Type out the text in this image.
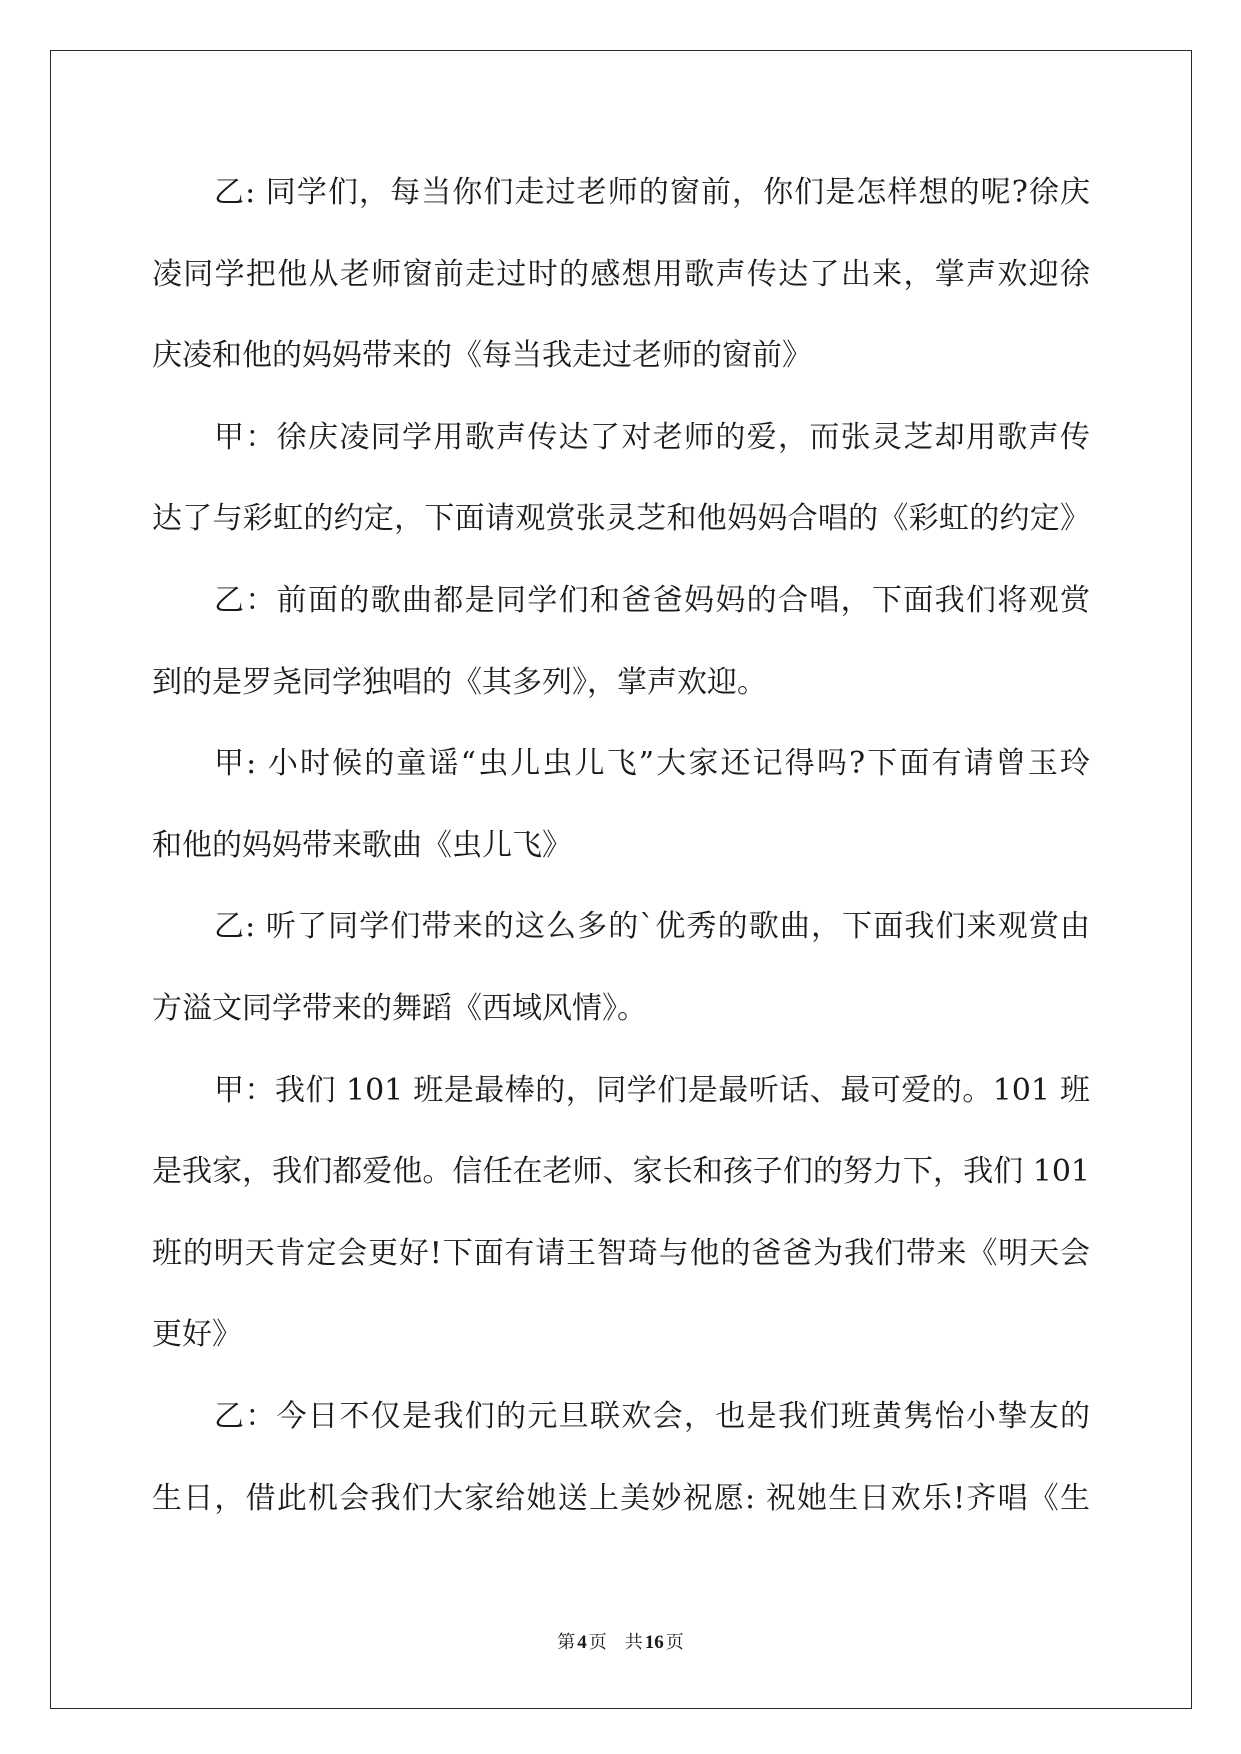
乙: 同学们，每当你们走过老师的窗前，你们是怎样想的呢?徐庆
凌同学把他从老师窗前走过时的感想用歌声传达了出来，掌声欢迎徐
庆凌和他的妈妈带来的《每当我走过老师的窗前》
甲：徐庆凌同学用歌声传达了对老师的爱，而张灵芝却用歌声传
达了与彩虹的约定，下面请观赏张灵芝和他妈妈合唱的《彩虹的约定》
乙：前面的歌曲都是同学们和爸爸妈妈的合唱，下面我们将观赏
到的是罗尧同学独唱的《其多列》，掌声欢迎。
甲: 小时候的童谣“虫儿虫儿飞”大家还记得吗?下面有请曾玉玲
和他的妈妈带来歌曲《虫儿飞》
乙: 听了同学们带来的这么多的`优秀的歌曲，下面我们来观赏由
方溢文同学带来的舞蹈《西域风情》。
甲：我们 101 班是最棒的，同学们是最听话、最可爱的。101 班
是我家，我们都爱他。信任在老师、家长和孩子们的努力下，我们 101
班的明天肯定会更好!下面有请王智琦与他的爸爸为我们带来《明天会
更好》
乙：今日不仅是我们的元旦联欢会，也是我们班黄隽怡小挚友的
生日，借此机会我们大家给她送上美妙祝愿: 祝她生日欢乐!齐唱《生
第 4 页 共 16 页
